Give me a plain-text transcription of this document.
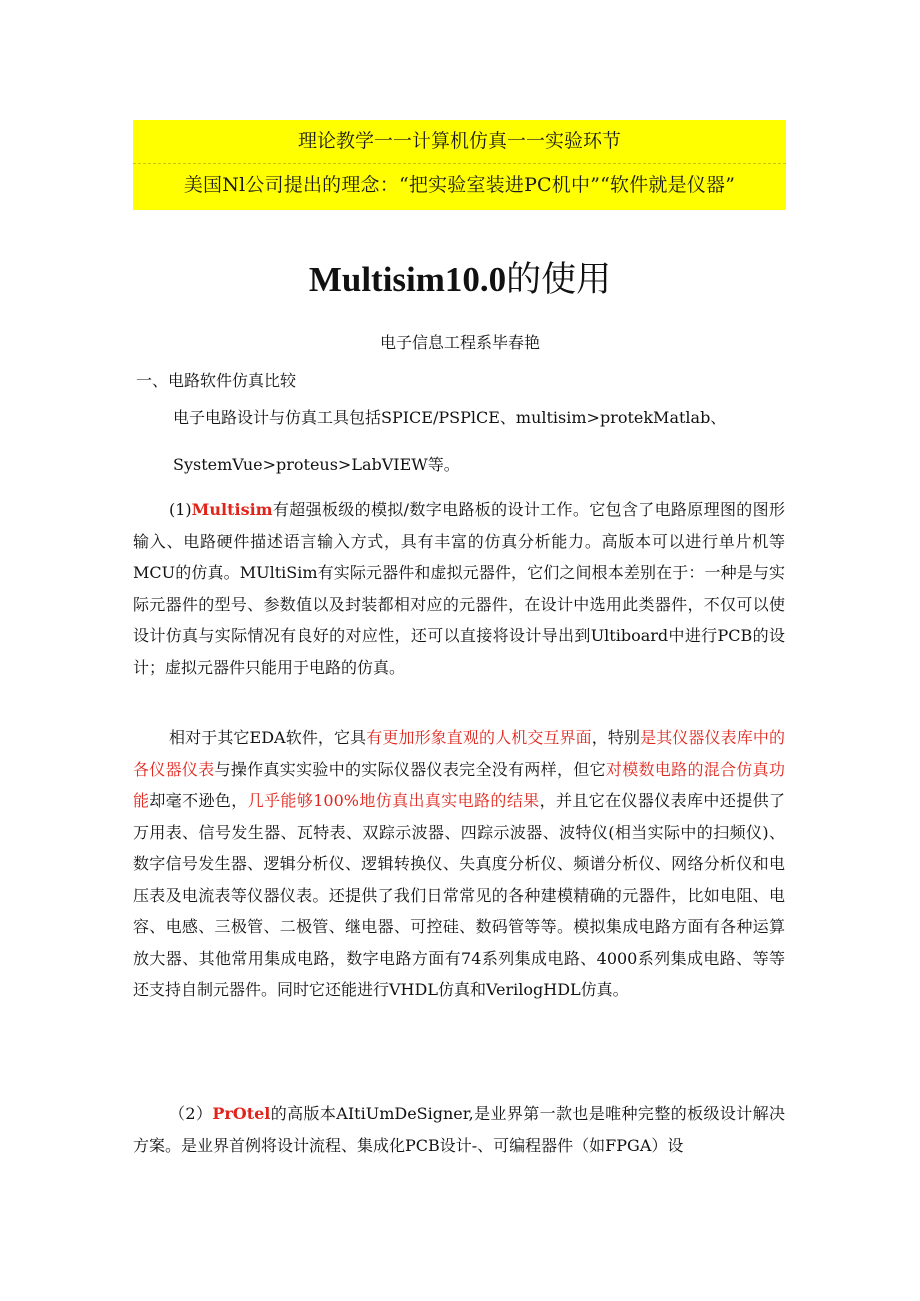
理论教学一一计算机仿真一一实验环节
美国Nl公司提出的理念：“把实验室装进PC机中”“软件就是仪器”
Multisim10.0的使用
电子信息工程系毕春艳
一、电路软件仿真比较
电子电路设计与仿真工具包括SPICE/PSPlCE、multisim>protekMatlab、
SystemVue>proteus>LabVIEW等。
(1)Multisim有超强板级的模拟/数字电路板的设计工作。它包含了电路原理图的图形输入、电路硬件描述语言输入方式，具有丰富的仿真分析能力。高版本可以进行单片机等MCU的仿真。MUltiSim有实际元器件和虚拟元器件，它们之间根本差别在于：一种是与实际元器件的型号、参数值以及封装都相对应的元器件，在设计中选用此类器件，不仅可以使设计仿真与实际情况有良好的对应性，还可以直接将设计导出到Ultiboard中进行PCB的设计；虚拟元器件只能用于电路的仿真。
相对于其它EDA软件，它具有更加形象直观的人机交互界面，特别是其仪器仪表库中的各仪器仪表与操作真实实验中的实际仪器仪表完全没有两样，但它对模数电路的混合仿真功能却毫不逊色，几乎能够100%地仿真出真实电路的结果，并且它在仪器仪表库中还提供了万用表、信号发生器、瓦特表、双踪示波器、四踪示波器、波特仪(相当实际中的扫频仪)、数字信号发生器、逻辑分析仪、逻辑转换仪、失真度分析仪、频谱分析仪、网络分析仪和电压表及电流表等仪器仪表。还提供了我们日常常见的各种建模精确的元器件，比如电阻、电容、电感、三极管、二极管、继电器、可控硅、数码管等等。模拟集成电路方面有各种运算放大器、其他常用集成电路，数字电路方面有74系列集成电路、4000系列集成电路、等等还支持自制元器件。同时它还能进行VHDL仿真和VerilogHDL仿真。
（2）PrOtel的高版本AItiUmDeSigner,是业界第一款也是唯种完整的板级设计解决方案。是业界首例将设计流程、集成化PCB设计-、可编程器件（如FPGA）设
